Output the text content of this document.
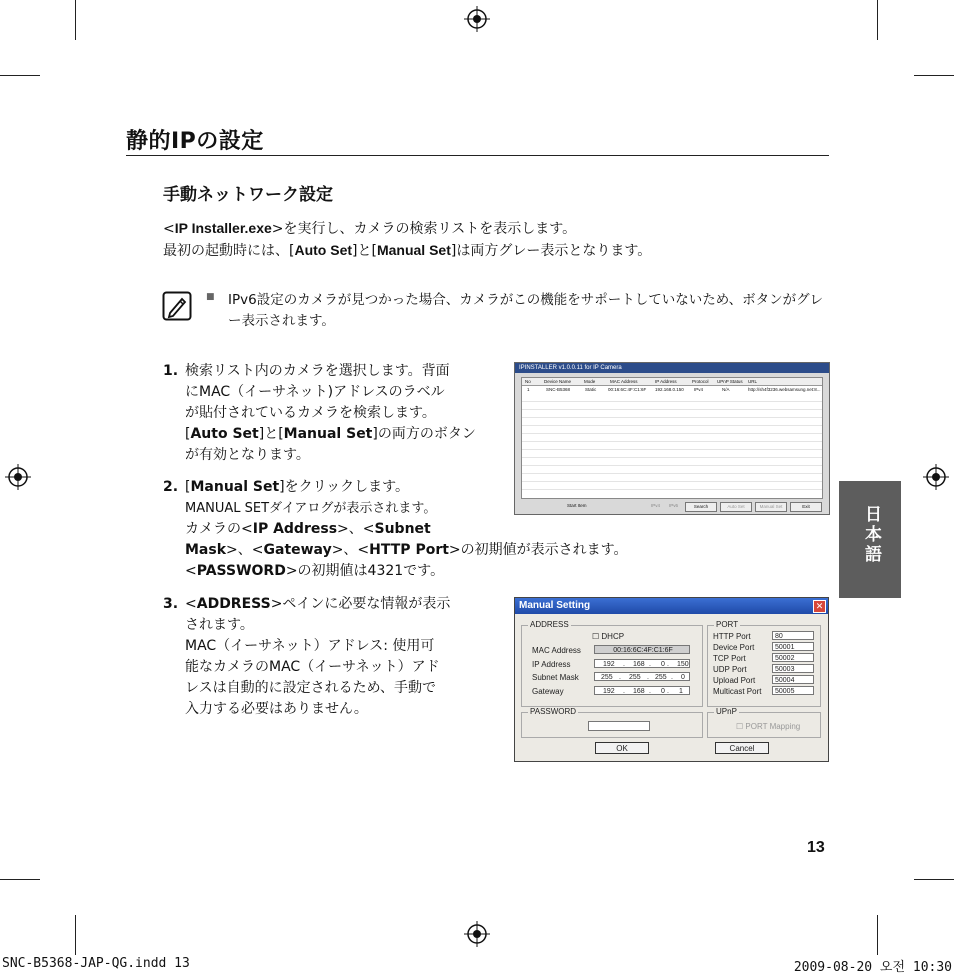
静的IPの設定
手動ネットワーク設定
<IP Installer.exe>を実行し、カメラの検索リストを表示します。
最初の起動時には、[Auto Set]と[Manual Set]は両方グレー表示となります。
■ IPv6設定のカメラが見つかった場合、カメラがこの機能をサポートしていないため、ボタンがグレー表示されます。
1. 検索リスト内のカメラを選択します。背面
にMAC（イーサネット)アドレスのラベル
が貼付されているカメラを検索します。
[Auto Set]と[Manual Set]の両方のボタン
が有効となります。
2. [Manual Set]をクリックします。
MANUAL SETダイアログが表示されます。
カメラの<IP Address>、<Subnet
Mask>、<Gateway>、<HTTP Port>の初期値が表示されます。
<PASSWORD>の初期値は4321です。
3. <ADDRESS>ペインに必要な情報が表示
されます。
MAC（イーサネット）アドレス: 使用可
能なカメラのMAC（イーサネット）アド
レスは自動的に設定されるため、手動で
入力する必要はありません。
IPINSTALLER v1.0.0.11 for IP Camera
No	Device Name	Mode	MAC Address	IP Address	Protocol UPnP Status URL
1	SNC-B5368	Static	00:16:6C:4F:C1:6F 192.168.0.150 IPv4	N/A	http://sh4f3236.websamsung.net:8...
Start Item	IPv4 IPv6	Search	Auto Set	Manual Set	Exit
Manual Setting	✕
ADDRESS
☐ DHCP
MAC Address	00:16:6C:4F:C1:6F
IP Address	192 . 168 . 0 . 150
Subnet Mask	255 . 255 . 255 . 0
Gateway	192 . 168 . 0 . 1
PORT
HTTP Port	80
Device Port	50001
TCP Port	50002
UDP Port	50003
Upload Port	50004
Multicast Port	50005
PASSWORD	UPnP
☐ PORT Mapping
OK	Cancel
日本語
13
SNC-B5368-JAP-QG.indd 13	2009-08-20 오전 10:30
